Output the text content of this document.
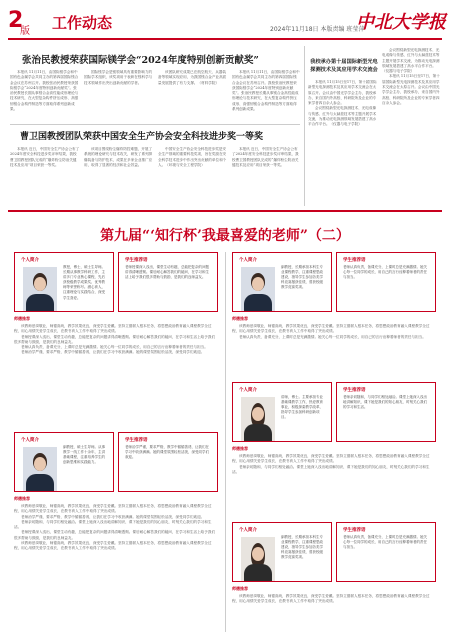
2
版 工作动态	2024年11月18日 本版责编 班莹萍
中北大学报
张治民教授荣获国际镁学会“2024年度特别创新贡献奖”

本报讯 11月11日，由国际镁学会和中国有色金属学会共同主办的第四届国际镁合金会议在苏州召开。我校张治民教授荣获国际镁学会“2024年度特别创新贡献奖”。张治民教授长期从事镁合金高性能成形理论与技术研究，在大型复杂构件挤压成形、高强韧镁合金构件制造等方面取得系列创新成果。

国际镁学会是镁领域具有重要影响力的国际学术组织，该奖项用于表彰在镁科学与技术领域作出突出创新贡献的学者。

该团队研究成果已在航空航天、兵器装备等领域实现应用，为我国镁合金产业高质量发展提供了有力支撑。（材料学院）

本报讯 11月11日，由国际镁学会和中国有色金属学会共同主办的第四届国际镁合金会议在苏州召开。我校张治民教授荣获国际镁学会“2024年度特别创新贡献奖”。张治民教授长期从事镁合金高性能成形理论与技术研究，在大型复杂构件挤压成形、高强韧镁合金构件制造等方面取得系列创新成果。

曹卫国教授团队荣获中国安全生产协会安全科技进步奖一等奖

本报讯 近日，中国安全生产协会公布了2024年度安全科技进步奖评审结果，我校曹卫国教授团队完成的“爆炸粉尘防治关键技术及应用”项目荣获一等奖。

该项目围绕粉尘爆炸防控难题，开展了系统的理论研究与技术攻关，研发了系列抑爆装备与防护技术，成果在多家企业推广应用，取得了显著的经济和社会效益。

中国安全生产协会安全科技进步奖是安全生产领域的重要科技奖项，旨在奖励在安全科学技术进步中作出突出贡献的单位和个人。（环境与安全工程学院）

本报讯 近日，中国安全生产协会公布了2024年度安全科技进步奖评审结果，我校曹卫国教授团队完成的“爆炸粉尘防治关键技术及应用”项目荣获一等奖。

我校承办第十届国际新型光电探测技术及其应用学术交流会

本报讯 11月15日至17日，第十届国际新型光电探测技术及其应用学术交流会在太原召开。会议由中国光学学会主办，我校承办，来自国内外高校、科研院所及企业的专家学者四百余人参会。

会议围绕新型光电探测技术、光电成像与传感、红外与太赫兹技术等主题开展学术交流，为推动光电探测领域发展搭建了高水平合作平台。（仪器与电子学院）

会议围绕新型光电探测技术、光电成像与传感、红外与太赫兹技术等主题开展学术交流，为推动光电探测领域发展搭建了高水平合作平台。（仪器与电子学院）

本报讯 11月15日至17日，第十届国际新型光电探测技术及其应用学术交流会在太原召开。会议由中国光学学会主办，我校承办，来自国内外高校、科研院所及企业的专家学者四百余人参会。

第九届“‘知行杯’我最喜爱的老师”（二）
个人简介

教授，博士，硕士生导师。长期从事教学科研工作，主讲多门专业核心课程，先后获校级教学成果奖、优秀教师等荣誉称号。潜心育人，注重理论与实践结合，深受学生喜爱。

学生推荐语

老师授课深入浅出，课堂生动有趣，总能把复杂的问题讲得清晰透彻。课后耐心解答我们的疑问，在学习和生活上给予我们很多帮助与鼓励，是我们的良师益友。

师德推荐

该教师爱岗敬业，师德高尚，教学效果优良，深受学生爱戴。坚持立德树人根本任务，将思想政治教育融入课程教学全过程，用心用情关爱学生成长，在教书育人工作中取得了突出成绩。

老师授课深入浅出，课堂生动有趣，总能把复杂的问题讲得清晰透彻。课后耐心解答我们的疑问，在学习和生活上给予我们很多帮助与鼓励，是我们的良师益友。

老师认真负责，备课充分，上课时总是充满激情。她关心每一位同学的成长，用自己的言行诠释着师者的责任与担当。

老师治学严谨，要求严格，教学中循循善诱，让我们在学习中收获满满。她的课堂氛围轻松活泼，深受同学们欢迎。

个人简介

副教授，长期承担本科生专业课程教学，注重课程思政建设，指导学生参加各类学科竞赛屡获佳绩，曾获校级教学竞赛奖项。

学生推荐语

老师认真负责，备课充分，上课时总是充满激情。她关心每一位同学的成长，用自己的言行诠释着师者的责任与担当。

师德推荐

该教师爱岗敬业，师德高尚，教学效果优良，深受学生爱戴。坚持立德树人根本任务，将思想政治教育融入课程教学全过程，用心用情关爱学生成长，在教书育人工作中取得了突出成绩。

老师认真负责，备课充分，上课时总是充满激情。她关心每一位同学的成长，用自己的言行诠释着师者的责任与担当。

个人简介

副教授，硕士生导师。从事教学一线工作十余年，主讲基础课程，注重培养学生的创新思维和实践能力。

学生推荐语

老师治学严谨，要求严格，教学中循循善诱，让我们在学习中收获满满。她的课堂氛围轻松活泼，深受同学们欢迎。

师德推荐

该教师爱岗敬业，师德高尚，教学效果优良，深受学生爱戴。坚持立德树人根本任务，将思想政治教育融入课程教学全过程，用心用情关爱学生成长，在教书育人工作中取得了突出成绩。

老师治学严谨，要求严格，教学中循循善诱，让我们在学习中收获满满。她的课堂氛围轻松活泼，深受同学们欢迎。

老师亲切随和，与同学们相处融洽。课堂上她深入浅出地讲解知识，课下她是我们的知心朋友，时刻关心我们的学习和生活。

老师授课深入浅出，课堂生动有趣，总能把复杂的问题讲得清晰透彻。课后耐心解答我们的疑问，在学习和生活上给予我们很多帮助与鼓励，是我们的良师益友。

该教师爱岗敬业，师德高尚，教学效果优良，深受学生爱戴。坚持立德树人根本任务，将思想政治教育融入课程教学全过程，用心用情关爱学生成长，在教书育人工作中取得了突出成绩。

个人简介

讲师，博士。主要承担专业基础课教学工作，热爱教育事业，积极探索教学改革，指导学生参加科研创新项目。

学生推荐语

老师亲切随和，与同学们相处融洽。课堂上她深入浅出地讲解知识，课下她是我们的知心朋友，时刻关心我们的学习和生活。

师德推荐

该教师爱岗敬业，师德高尚，教学效果优良，深受学生爱戴。坚持立德树人根本任务，将思想政治教育融入课程教学全过程，用心用情关爱学生成长，在教书育人工作中取得了突出成绩。

老师亲切随和，与同学们相处融洽。课堂上她深入浅出地讲解知识，课下她是我们的知心朋友，时刻关心我们的学习和生活。

个人简介

副教授，长期承担本科生专业课程教学，注重课程思政建设，指导学生参加各类学科竞赛屡获佳绩，曾获校级教学竞赛奖项。

学生推荐语

老师认真负责，备课充分，上课时总是充满激情。她关心每一位同学的成长，用自己的言行诠释着师者的责任与担当。

师德推荐

该教师爱岗敬业，师德高尚，教学效果优良，深受学生爱戴。坚持立德树人根本任务，将思想政治教育融入课程教学全过程，用心用情关爱学生成长，在教书育人工作中取得了突出成绩。
